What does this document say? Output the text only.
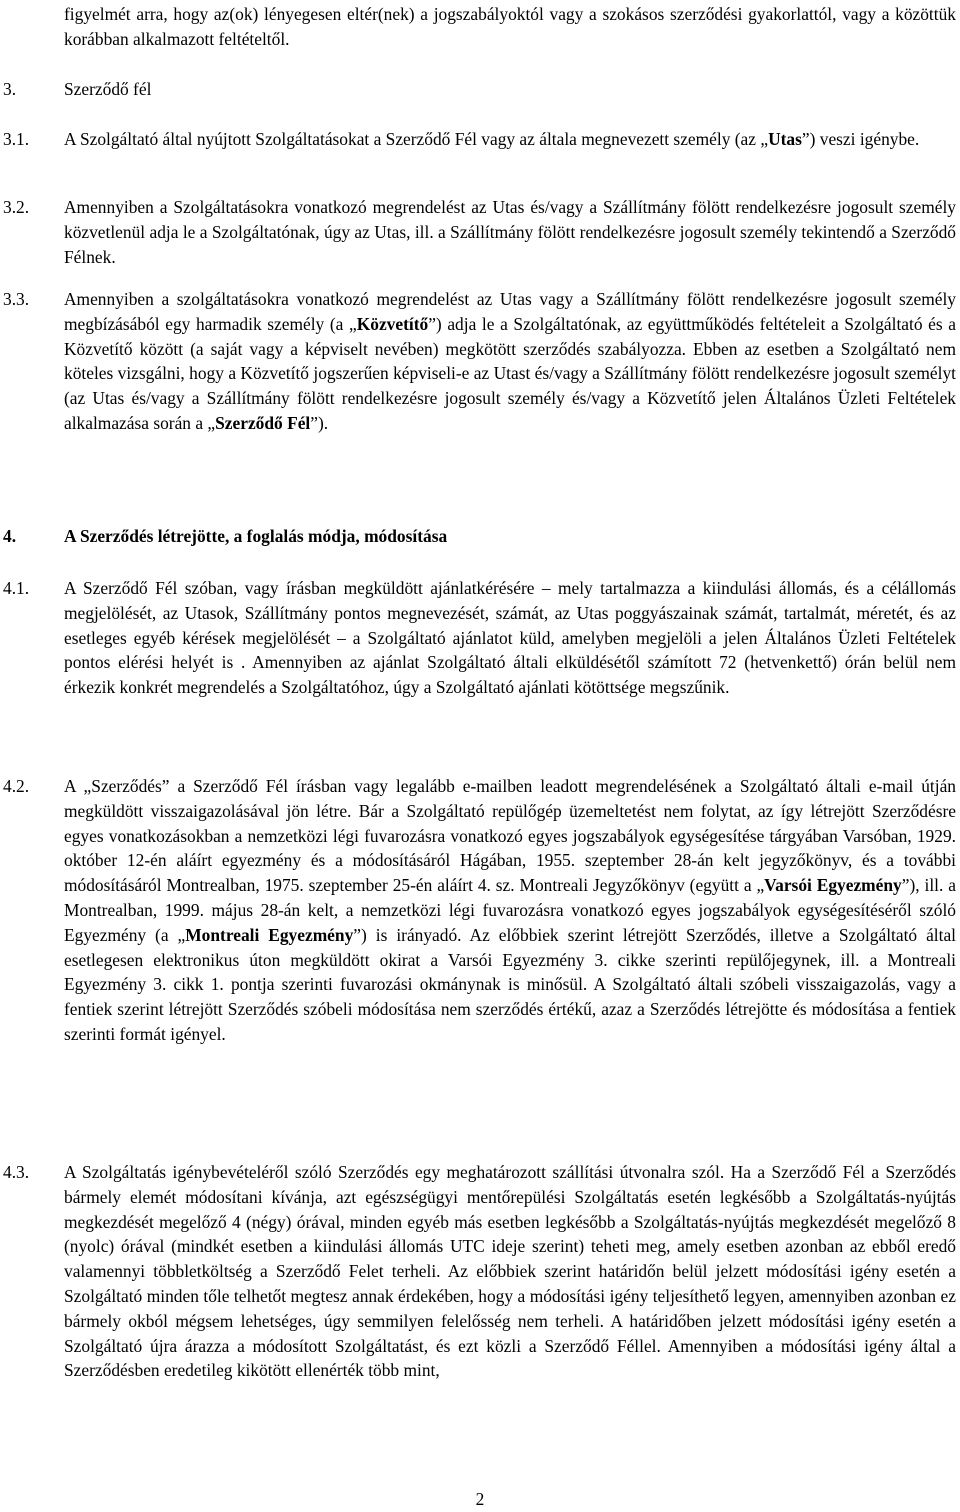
figyelmét arra, hogy az(ok) lényegesen eltér(nek) a jogszabályoktól vagy a szokásos szerződési gyakorlattól, vagy a közöttük korábban alkalmazott feltételtől.

3.	Szerződő fél

3.1. A Szolgáltató által nyújtott Szolgáltatásokat a Szerződő Fél vagy az általa megnevezett személy (az „Utas”) veszi igénybe.

3.2. Amennyiben a Szolgáltatásokra vonatkozó megrendelést az Utas és/vagy a Szállítmány fölött rendelkezésre jogosult személy közvetlenül adja le a Szolgáltatónak, úgy az Utas, ill. a Szállítmány fölött rendelkezésre jogosult személy tekintendő a Szerződő Félnek.

3.3. Amennyiben a szolgáltatásokra vonatkozó megrendelést az Utas vagy a Szállítmány fölött rendelkezésre jogosult személy megbízásából egy harmadik személy (a „Közvetítő”) adja le a Szolgáltatónak, az együttműködés feltételeit a Szolgáltató és a Közvetítő között (a saját vagy a képviselt nevében) megkötött szerződés szabályozza. Ebben az esetben a Szolgáltató nem köteles vizsgálni, hogy a Közvetítő jogszerűen képviseli-e az Utast és/vagy a Szállítmány fölött rendelkezésre jogosult személyt (az Utas és/vagy a Szállítmány fölött rendelkezésre jogosult személy és/vagy a Közvetítő jelen Általános Üzleti Feltételek alkalmazása során a „Szerződő Fél”).

4.	A Szerződés létrejötte, a foglalás módja, módosítása

4.1. A Szerződő Fél szóban, vagy írásban megküldött ajánlatkérésére – mely tartalmazza a kiindulási állomás, és a célállomás megjelölését, az Utasok, Szállítmány pontos megnevezését, számát, az Utas poggyászainak számát, tartalmát, méretét, és az esetleges egyéb kérések megjelölését – a Szolgáltató ajánlatot küld, amelyben megjelöli a jelen Általános Üzleti Feltételek pontos elérési helyét is . Amennyiben az ajánlat Szolgáltató általi elküldésétől számított 72 (hetvenkettő) órán belül nem érkezik konkrét megrendelés a Szolgáltatóhoz, úgy a Szolgáltató ajánlati kötöttsége megszűnik.

4.2. A „Szerződés” a Szerződő Fél írásban vagy legalább e-mailben leadott megrendelésének a Szolgáltató általi e-mail útján megküldött visszaigazolásával jön létre. Bár a Szolgáltató repülőgép üzemeltetést nem folytat, az így létrejött Szerződésre egyes vonatkozásokban a nemzetközi légi fuvarozásra vonatkozó egyes jogszabályok egységesítése tárgyában Varsóban, 1929. október 12-én aláírt egyezmény és a módosításáról Hágában, 1955. szeptember 28-án kelt jegyzőkönyv, és a további módosításáról Montrealban, 1975. szeptember 25-én aláírt 4. sz. Montreali Jegyzőkönyv (együtt a „Varsói Egyezmény”), ill. a Montrealban, 1999. május 28-án kelt, a nemzetközi légi fuvarozásra vonatkozó egyes jogszabályok egységesítéséről szóló Egyezmény (a „Montreali Egyezmény”) is irányadó. Az előbbiek szerint létrejött Szerződés, illetve a Szolgáltató által esetlegesen elektronikus úton megküldött okirat a Varsói Egyezmény 3. cikke szerinti repülőjegynek, ill. a Montreali Egyezmény 3. cikk 1. pontja szerinti fuvarozási okmánynak is minősül. A Szolgáltató általi szóbeli visszaigazolás, vagy a fentiek szerint létrejött Szerződés szóbeli módosítása nem szerződés értékű, azaz a Szerződés létrejötte és módosítása a fentiek szerinti formát igényel.

4.3. A Szolgáltatás igénybevételéről szóló Szerződés egy meghatározott szállítási útvonalra szól. Ha a Szerződő Fél a Szerződés bármely elemét módosítani kívánja, azt egészségügyi mentőrepülési Szolgáltatás esetén legkésőbb a Szolgáltatás-nyújtás megkezdését megelőző 4 (négy) órával, minden egyéb más esetben legkésőbb a Szolgáltatás-nyújtás megkezdését megelőző 8 (nyolc) órával (mindkét esetben a kiindulási állomás UTC ideje szerint) teheti meg, amely esetben azonban az ebből eredő valamennyi többletköltség a Szerződő Felet terheli. Az előbbiek szerint határidőn belül jelzett módosítási igény esetén a Szolgáltató minden tőle telhetőt megtesz annak érdekében, hogy a módosítási igény teljesíthető legyen, amennyiben azonban ez bármely okból mégsem lehetséges, úgy semmilyen felelősség nem terheli. A határidőben jelzett módosítási igény esetén a Szolgáltató újra árazza a módosított Szolgáltatást, és ezt közli a Szerződő Féllel. Amennyiben a módosítási igény által a Szerződésben eredetileg kikötött ellenérték több mint,

2
